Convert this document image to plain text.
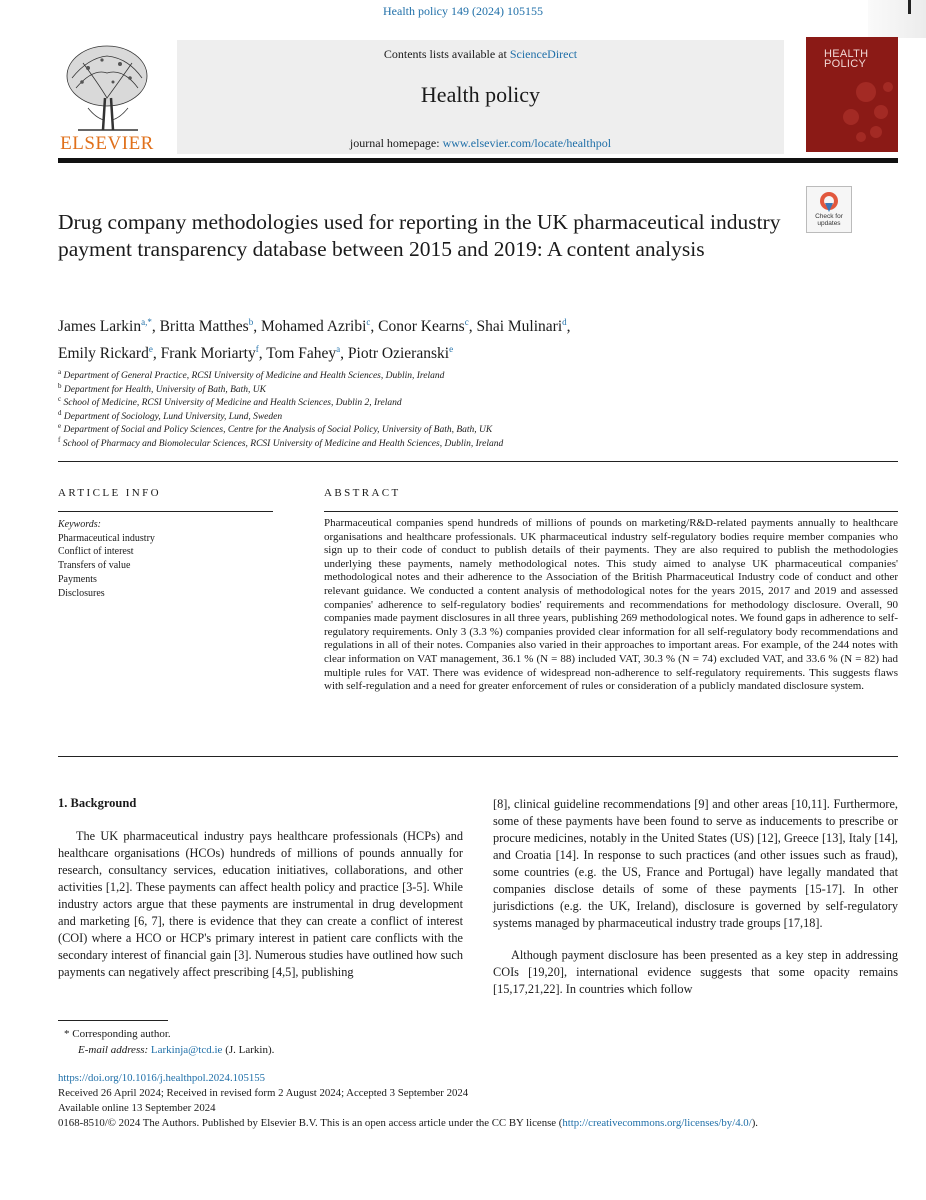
Health policy 149 (2024) 105155
ELSEVIER
Contents lists available at ScienceDirect
Health policy
journal homepage: www.elsevier.com/locate/healthpol
HEALTH
POLICY
Drug company methodologies used for reporting in the UK pharmaceutical industry payment transparency database between 2015 and 2019: A content analysis
Check for
updates
James Larkin$^{a,*}$, Britta Matthes$^b$, Mohamed Azribi$^c$, Conor Kearns$^c$, Shai Mulinari$^d$,
Emily Rickard$^e$, Frank Moriarty$^f$, Tom Fahey$^a$, Piotr Ozieranski$^e$
$^a$ Department of General Practice, RCSI University of Medicine and Health Sciences, Dublin, Ireland
$^b$ Department for Health, University of Bath, Bath, UK
$^c$ School of Medicine, RCSI University of Medicine and Health Sciences, Dublin 2, Ireland
$^d$ Department of Sociology, Lund University, Lund, Sweden
$^e$ Department of Social and Policy Sciences, Centre for the Analysis of Social Policy, University of Bath, Bath, UK
$^f$ School of Pharmacy and Biomolecular Sciences, RCSI University of Medicine and Health Sciences, Dublin, Ireland
ARTICLE INFO
Keywords:
Pharmaceutical industry
Conflict of interest
Transfers of value
Payments
Disclosures
ABSTRACT
Pharmaceutical companies spend hundreds of millions of pounds on marketing/R&D-related payments annually to healthcare organisations and healthcare professionals. UK pharmaceutical industry self-regulatory bodies require member companies who sign up to their code of conduct to publish details of their payments. They are also required to publish the methodologies underlying these payments, namely methodological notes. This study aimed to analyse UK pharmaceutical companies' methodological notes and their adherence to the Association of the British Pharmaceutical Industry code of conduct and other relevant guidance. We conducted a content analysis of methodological notes for the years 2015, 2017 and 2019 and assessed companies' adherence to self-regulatory bodies' requirements and recommendations for methodology disclosure. Overall, 90 companies made payment disclosures in all three years, publishing 269 methodological notes. We found gaps in adherence to self-regulatory requirements. Only 3 (3.3 %) companies provided clear information for all self-regulatory body recommendations and regulations in all of their notes. Companies also varied in their approaches to important areas. For example, of the 244 notes with clear information on VAT management, 36.1 % (N = 88) included VAT, 30.3 % (N = 74) excluded VAT, and 33.6 % (N = 82) had multiple rules for VAT. There was evidence of widespread non-adherence to self-regulatory requirements. This suggests flaws with self-regulation and a need for greater enforcement of rules or consideration of a publicly mandated disclosure system.
1. Background
The UK pharmaceutical industry pays healthcare professionals (HCPs) and healthcare organisations (HCOs) hundreds of millions of pounds annually for research, consultancy services, education initiatives, collaborations, and other activities [1,2]. These payments can affect health policy and practice [3-5]. While industry actors argue that these payments are instrumental in drug development and marketing [6, 7], there is evidence that they can create a conflict of interest (COI) where a HCO or HCP's primary interest in patient care conflicts with the secondary interest of financial gain [3]. Numerous studies have outlined how such payments can negatively affect prescribing [4,5], publishing
[8], clinical guideline recommendations [9] and other areas [10,11]. Furthermore, some of these payments have been found to serve as inducements to prescribe or procure medicines, notably in the United States (US) [12], Greece [13], Italy [14], and Croatia [14]. In response to such practices (and other issues such as fraud), some countries (e.g. the US, France and Portugal) have legally mandated that companies disclose details of some of these payments [15-17]. In other jurisdictions (e.g. the UK, Ireland), disclosure is governed by self-regulatory systems managed by pharmaceutical industry trade groups [17,18].
Although payment disclosure has been presented as a key step in addressing COIs [19,20], international evidence suggests that some opacity remains [15,17,21,22]. In countries which follow
* Corresponding author.
E-mail address: Larkinja@tcd.ie (J. Larkin).
https://doi.org/10.1016/j.healthpol.2024.105155
Received 26 April 2024; Received in revised form 2 August 2024; Accepted 3 September 2024
Available online 13 September 2024
0168-8510/© 2024 The Authors. Published by Elsevier B.V. This is an open access article under the CC BY license (http://creativecommons.org/licenses/by/4.0/).
